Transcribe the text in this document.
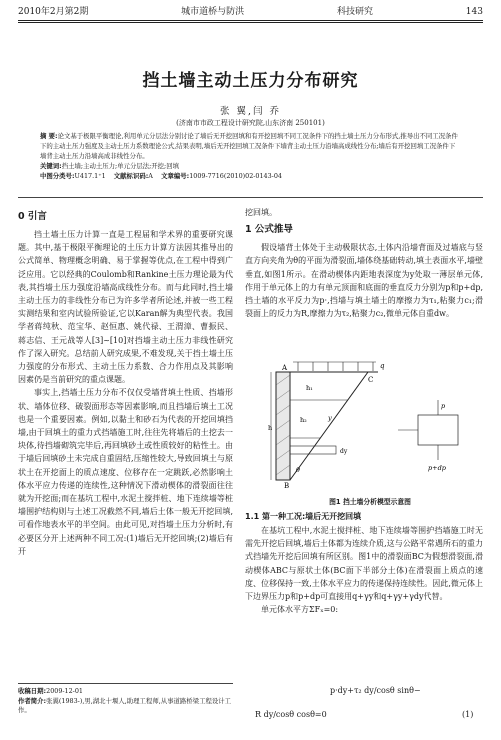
2010年2月第2期	城市道桥与防洪	科技研究	143
挡土墙主动土压力分布研究
张 翼,闫 乔
(济南市市政工程设计研究院,山东济南 250101)

摘 要:论文基于极限平衡理论,利用单元分层法分别讨论了墙后无开挖回填和有开挖回填不同工况条件下的挡土墙土压力分布形式,推导出不同工况条件下的主动土压力强度及主动土压力系数理论公式,结果表明,墙后无开挖回填工况条件下墙背主动土压力沿墙高成线性分布;墙后有开挖回填工况条件下墙背主动土压力沿墙高成非线性分布。

关键词:挡土墙;主动土压力;单元分层法;开挖;回填

中图分类号:U417.1⁺1 文献标识码:A 文章编号:1009-7716(2010)02-0143-04

0 引言

挡土墙土压力计算一直是工程届和学术界的重要研究课题。其中,基于极限平衡理论的土压力计算方法因其推导出的公式简单、物理概念明确、易于掌握等优点,在工程中得到广泛应用。它以经典的Coulomb和Rankine土压力理论最为代表,其挡墙土压力强度沿墙高成线性分布。而与此同时,挡土墙主动土压力的非线性分布已为许多学者所论述,并被一些工程实测结果和室内试验所验证,它以Karan解为典型代表。我国学者蒋纯秋、范宝华、赵恒惠、姚代禄、王渭漳、曹振民、蒋志信、王元战等人[3]~[10]对挡墙主动土压力非线性研究作了深入研究。总结前人研究成果,不难发现,关于挡土墙土压力强度的分布形式、主动土压力系数、合力作用点及其影响因素仍是当前研究的重点课题。

事实上,挡墙土压力分布不仅仅受墙背填土性质、挡墙形状、墙体位移、破裂面形态等因素影响,而且挡墙后填土工况也是一个重要因素。例如,以黏土和砂石为代表的开挖回填挡墙,由于回填土的重力式挡墙施工时,往往先将墙后的土挖去一块体,待挡墙砌筑完毕后,再回填砂土或性质较好的粘性土。由于墙后回填砂土未完成自重固结,压缩性较大,导致回填土与原状土在开挖面上的质点速度、位移存在一定跳跃,必然影响土体水平应力传递的连续性,这种情况下滑动楔体的滑裂面往往就为开挖面;而在基坑工程中,水泥土搅拌桩、地下连续墙等桩墙围护结构则与土述工况截然不同,墙后土体一般无开挖回填,可看作地表水平的半空间。由此可见,对挡墙土压力分析时,有必要区分开上述两种不同工况:(1)墙后无开挖回填;(2)墙后有开

挖回填。

1 公式推导

假设墙背土体处于主动极限状态,土体内沿墙背面及过墙底与竖直方向夹角为θ的平面为滑裂面,墙体绕基础转动,填土表面水平,墙壁垂直,如图1所示。在滑动楔体内距地表深度为y处取一薄层单元体,作用于单元体上的力有单元顶面和底面的垂直反力分别为p和p+dp,挡土墙的水平反力为p·,挡墙与填土墙土的摩擦力为τ₁,粘聚力c₁;滑裂面上的反力为R,摩擦力为τ₂,粘聚力c₂,微单元体自重dw。

q
A
C
B
h₁
h₂
h
y
dy
θ
p
p+dp
图1 挡土墙分析模型示意图
1.1 第一种工况:墙后无开挖回填

在基坑工程中,水泥土搅拌桩、地下连续墙等围护挡墙施工时无需先开挖后回填,墙后土体都为连续介质,这与公路平常遇所石的重力式挡墙先开挖后回填有所区别。图1中的滑裂面BC为假想滑裂面,滑动楔体ABC与原状土体(BC面下半部分土体)在滑裂面上质点的速度、位移保持一致,土体水平应力的传递保持连续性。因此,微元体上下边界压力p和p+dp可直接用q+γy和q+γy+γdy代替。

单元体水平方ΣFₓ=0:

p·dy+τ₂ dy/cosθ sinθ−
R dy/cosθ cosθ=0	(1)
收稿日期:2009-12-01
作者简介:张翼(1983-),男,湖北十堰人,助理工程师,从事道路桥梁工程设计工作。
